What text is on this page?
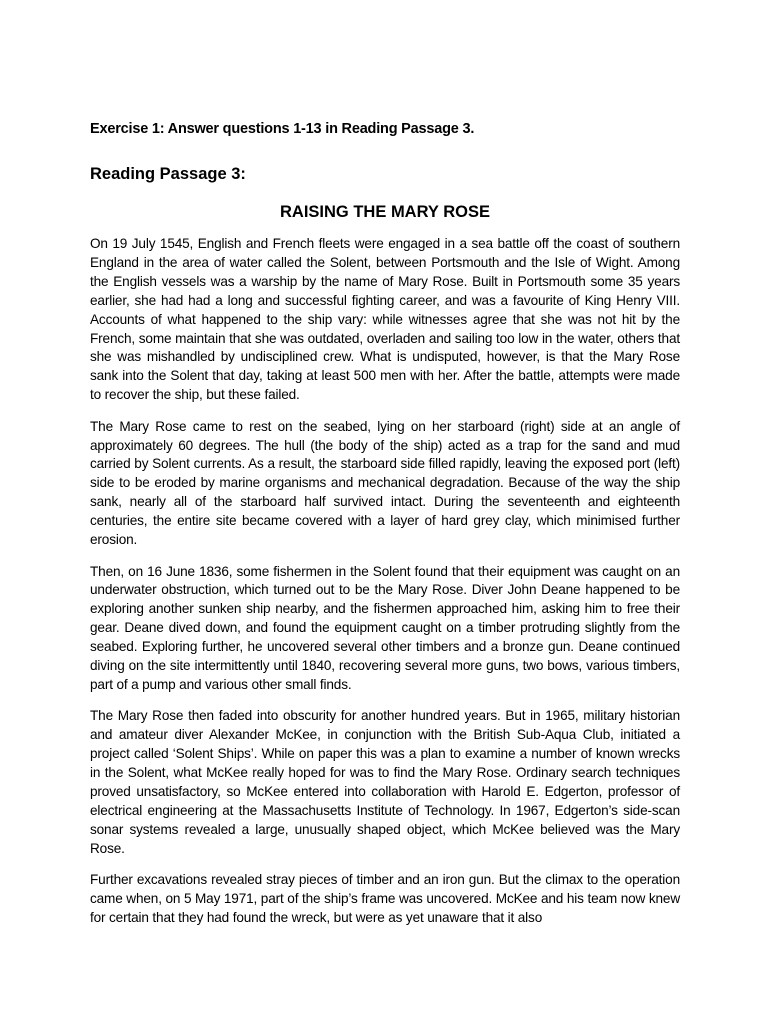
Exercise 1: Answer questions 1-13 in Reading Passage 3.
Reading Passage 3:
RAISING THE MARY ROSE

On 19 July 1545, English and French fleets were engaged in a sea battle off the coast of southern England in the area of water called the Solent, between Portsmouth and the Isle of Wight. Among the English vessels was a warship by the name of Mary Rose. Built in Portsmouth some 35 years earlier, she had had a long and successful fighting career, and was a favourite of King Henry VIII. Accounts of what happened to the ship vary: while witnesses agree that she was not hit by the French, some maintain that she was outdated, overladen and sailing too low in the water, others that she was mishandled by undisciplined crew. What is undisputed, however, is that the Mary Rose sank into the Solent that day, taking at least 500 men with her. After the battle, attempts were made to recover the ship, but these failed.

The Mary Rose came to rest on the seabed, lying on her starboard (right) side at an angle of approximately 60 degrees. The hull (the body of the ship) acted as a trap for the sand and mud carried by Solent currents. As a result, the starboard side filled rapidly, leaving the exposed port (left) side to be eroded by marine organisms and mechanical degradation. Because of the way the ship sank, nearly all of the starboard half survived intact. During the seventeenth and eighteenth centuries, the entire site became covered with a layer of hard grey clay, which minimised further erosion.

Then, on 16 June 1836, some fishermen in the Solent found that their equipment was caught on an underwater obstruction, which turned out to be the Mary Rose. Diver John Deane happened to be exploring another sunken ship nearby, and the fishermen approached him, asking him to free their gear. Deane dived down, and found the equipment caught on a timber protruding slightly from the seabed. Exploring further, he uncovered several other timbers and a bronze gun. Deane continued diving on the site intermittently until 1840, recovering several more guns, two bows, various timbers, part of a pump and various other small finds.

The Mary Rose then faded into obscurity for another hundred years. But in 1965, military historian and amateur diver Alexander McKee, in conjunction with the British Sub-Aqua Club, initiated a project called ‘Solent Ships’. While on paper this was a plan to examine a number of known wrecks in the Solent, what McKee really hoped for was to find the Mary Rose. Ordinary search techniques proved unsatisfactory, so McKee entered into collaboration with Harold E. Edgerton, professor of electrical engineering at the Massachusetts Institute of Technology. In 1967, Edgerton’s side-scan sonar systems revealed a large, unusually shaped object, which McKee believed was the Mary Rose.

Further excavations revealed stray pieces of timber and an iron gun. But the climax to the operation came when, on 5 May 1971, part of the ship’s frame was uncovered. McKee and his team now knew for certain that they had found the wreck, but were as yet unaware that it also
